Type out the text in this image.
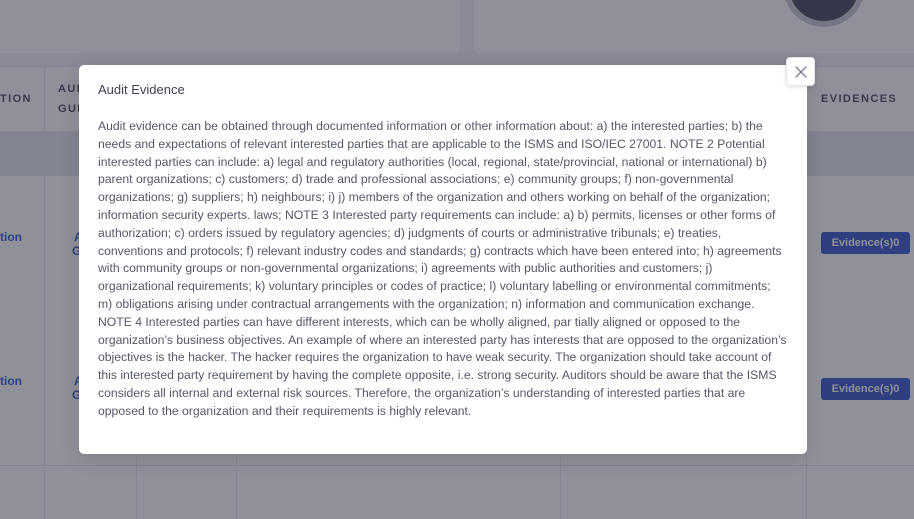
Audit Evidence

Audit evidence can be obtained through documented information or other information about: a) the interested parties; b) the needs and expectations of relevant interested parties that are applicable to the ISMS and ISO/IEC 27001. NOTE 2 Potential interested parties can include: a) legal and regulatory authorities (local, regional, state/provincial, national or international) b) parent organizations; c) customers; d) trade and professional associations; e) community groups; f) non-governmental organizations; g) suppliers; h) neighbours; i) j) members of the organization and others working on behalf of the organization; information security experts. laws; NOTE 3 Interested party requirements can include: a) b) permits, licenses or other forms of authorization; c) orders issued by regulatory agencies; d) judgments of courts or administrative tribunals; e) treaties, conventions and protocols; f) relevant industry codes and standards; g) contracts which have been entered into; h) agreements with community groups or non-governmental organizations; i) agreements with public authorities and customers; j) organizational requirements; k) voluntary principles or codes of practice; l) voluntary labelling or environmental commitments; m) obligations arising under contractual arrangements with the organization; n) information and communication exchange. NOTE 4 Interested parties can have different interests, which can be wholly aligned, par tially aligned or opposed to the organization’s business objectives. An example of where an interested party has interests that are opposed to the organization’s objectives is the hacker. The hacker requires the organization to have weak security. The organization should take account of this interested party requirement by having the complete opposite, i.e. strong security. Auditors should be aware that the ISMS considers all internal and external risk sources. Therefore, the organization’s understanding of interested parties that are opposed to the organization and their requirements is highly relevant.
